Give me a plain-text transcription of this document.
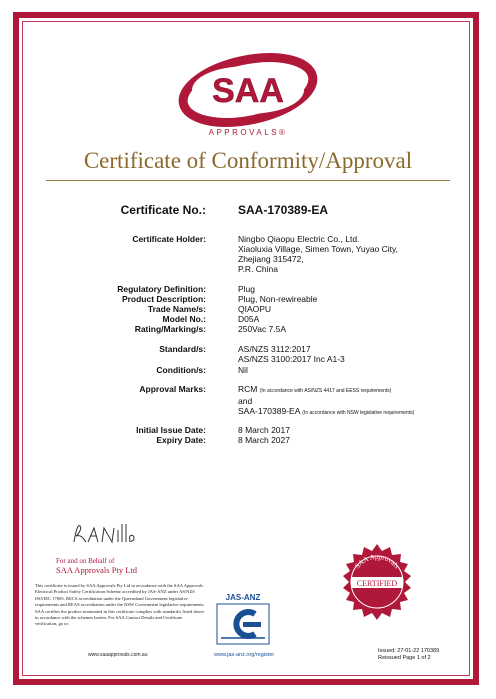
SAA
APPROVALS®
Certificate of Conformity/Approval
Certificate No.:	SAA-170389-EA
Certificate Holder:	Ningbo Qiaopu Electric Co., Ltd.
Xiaoluxia Village, Simen Town, Yuyao City,
Zhejiang 315472,
P.R. China
Regulatory Definition:	Plug
Product Description:	Plug, Non-rewireable
Trade Name/s:	QIAOPU
Model No.:	D05A
Rating/Marking/s:	250Vac 7.5A
Standard/s:	AS/NZS 3112:2017
AS/NZS 3100:2017 Inc A1-3
Condition/s:	Nil
Approval Marks:	RCM (In accordance with AS/NZS 4417 and EESS requirements)
and
SAA-170389-EA (In accordance with NSW legislative requirements)
Initial Issue Date:	8 March 2017
Expiry Date:	8 March 2027
For and on Behalf of
SAA Approvals Pty Ltd
This certificate is issued by SAA Approvals Pty Ltd in accordance with the SAA Approvals Electrical Product Safety Certification Scheme accredited by JAS-ANZ under AS/NZS ISO/IEC 17065, RECS accreditation under the Queensland Government legislative requirements and REAS accreditation under the NSW Government legislative requirements. SAA certifies the product nominated in this certificate complies with standard/s listed above in accordance with the schemes herein. For SAA Contact Details and Certificate verification, go to:
www.saaapprovals.com.au
JAS-ANZ
www.jas-anz.org/register
SAA Approvals
CERTIFIED
Issued: 27-01-22 170389
Reissued Page 1 of 2
